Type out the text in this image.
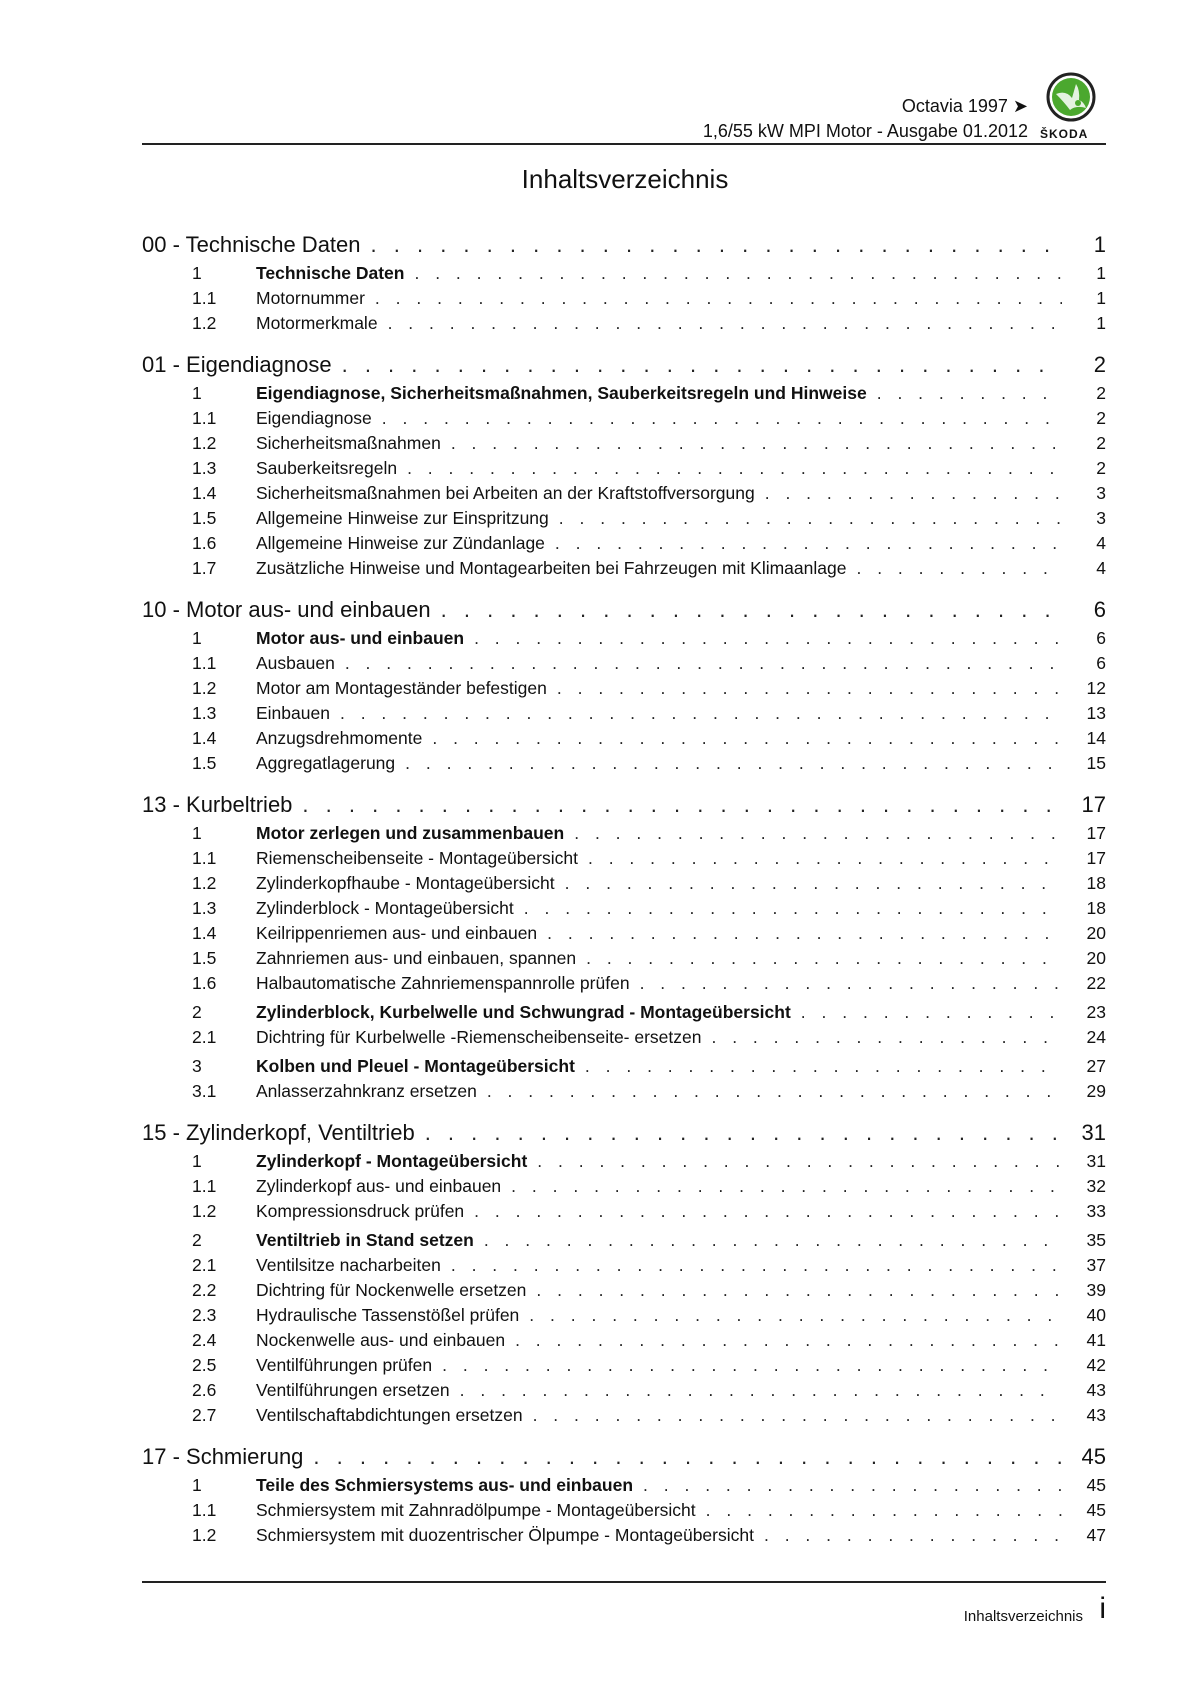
Octavia 1997 ➤
1,6/55 kW MPI Motor - Ausgabe 01.2012 ŠKODA
Inhaltsverzeichnis
00 - Technische Daten . . .	1
1	Technische Daten . . .	1
1.1	Motornummer . . .	1
1.2	Motormerkmale . . .	1
01 - Eigendiagnose . . .	2
1	Eigendiagnose, Sicherheitsmaßnahmen, Sauberkeitsregeln und Hinweise . . .	2
1.1	Eigendiagnose . . .	2
1.2	Sicherheitsmaßnahmen . . .	2
1.3	Sauberkeitsregeln . . .	2
1.4	Sicherheitsmaßnahmen bei Arbeiten an der Kraftstoffversorgung . . .	3
1.5	Allgemeine Hinweise zur Einspritzung . . .	3
1.6	Allgemeine Hinweise zur Zündanlage . . .	4
1.7	Zusätzliche Hinweise und Montagearbeiten bei Fahrzeugen mit Klimaanlage . . .	4
10 - Motor aus- und einbauen . . .	6
1	Motor aus- und einbauen . . .	6
1.1	Ausbauen . . .	6
1.2	Motor am Montageständer befestigen . . .	12
1.3	Einbauen . . .	13
1.4	Anzugsdrehmomente . . .	14
1.5	Aggregatlagerung . . .	15
13 - Kurbeltrieb . . .	17
1	Motor zerlegen und zusammenbauen . . .	17
1.1	Riemenscheibenseite - Montageübersicht . . .	17
1.2	Zylinderkopfhaube - Montageübersicht . . .	18
1.3	Zylinderblock - Montageübersicht . . .	18
1.4	Keilrippenriemen aus- und einbauen . . .	20
1.5	Zahnriemen aus- und einbauen, spannen . . .	20
1.6	Halbautomatische Zahnriemenspannrolle prüfen . . .	22
2	Zylinderblock, Kurbelwelle und Schwungrad - Montageübersicht . . .	23
2.1	Dichtring für Kurbelwelle -Riemenscheibenseite- ersetzen . . .	24
3	Kolben und Pleuel - Montageübersicht . . .	27
3.1	Anlasserzahnkranz ersetzen . . .	29
15 - Zylinderkopf, Ventiltrieb . . .	31
1	Zylinderkopf - Montageübersicht . . .	31
1.1	Zylinderkopf aus- und einbauen . . .	32
1.2	Kompressionsdruck prüfen . . .	33
2	Ventiltrieb in Stand setzen . . .	35
2.1	Ventilsitze nacharbeiten . . .	37
2.2	Dichtring für Nockenwelle ersetzen . . .	39
2.3	Hydraulische Tassenstößel prüfen . . .	40
2.4	Nockenwelle aus- und einbauen . . .	41
2.5	Ventilführungen prüfen . . .	42
2.6	Ventilführungen ersetzen . . .	43
2.7	Ventilschaftabdichtungen ersetzen . . .	43
17 - Schmierung . . .	45
1	Teile des Schmiersystems aus- und einbauen . . .	45
1.1	Schmiersystem mit Zahnradölpumpe - Montageübersicht . . .	45
1.2	Schmiersystem mit duozentrischer Ölpumpe - Montageübersicht . . .	47
Inhaltsverzeichnis i
